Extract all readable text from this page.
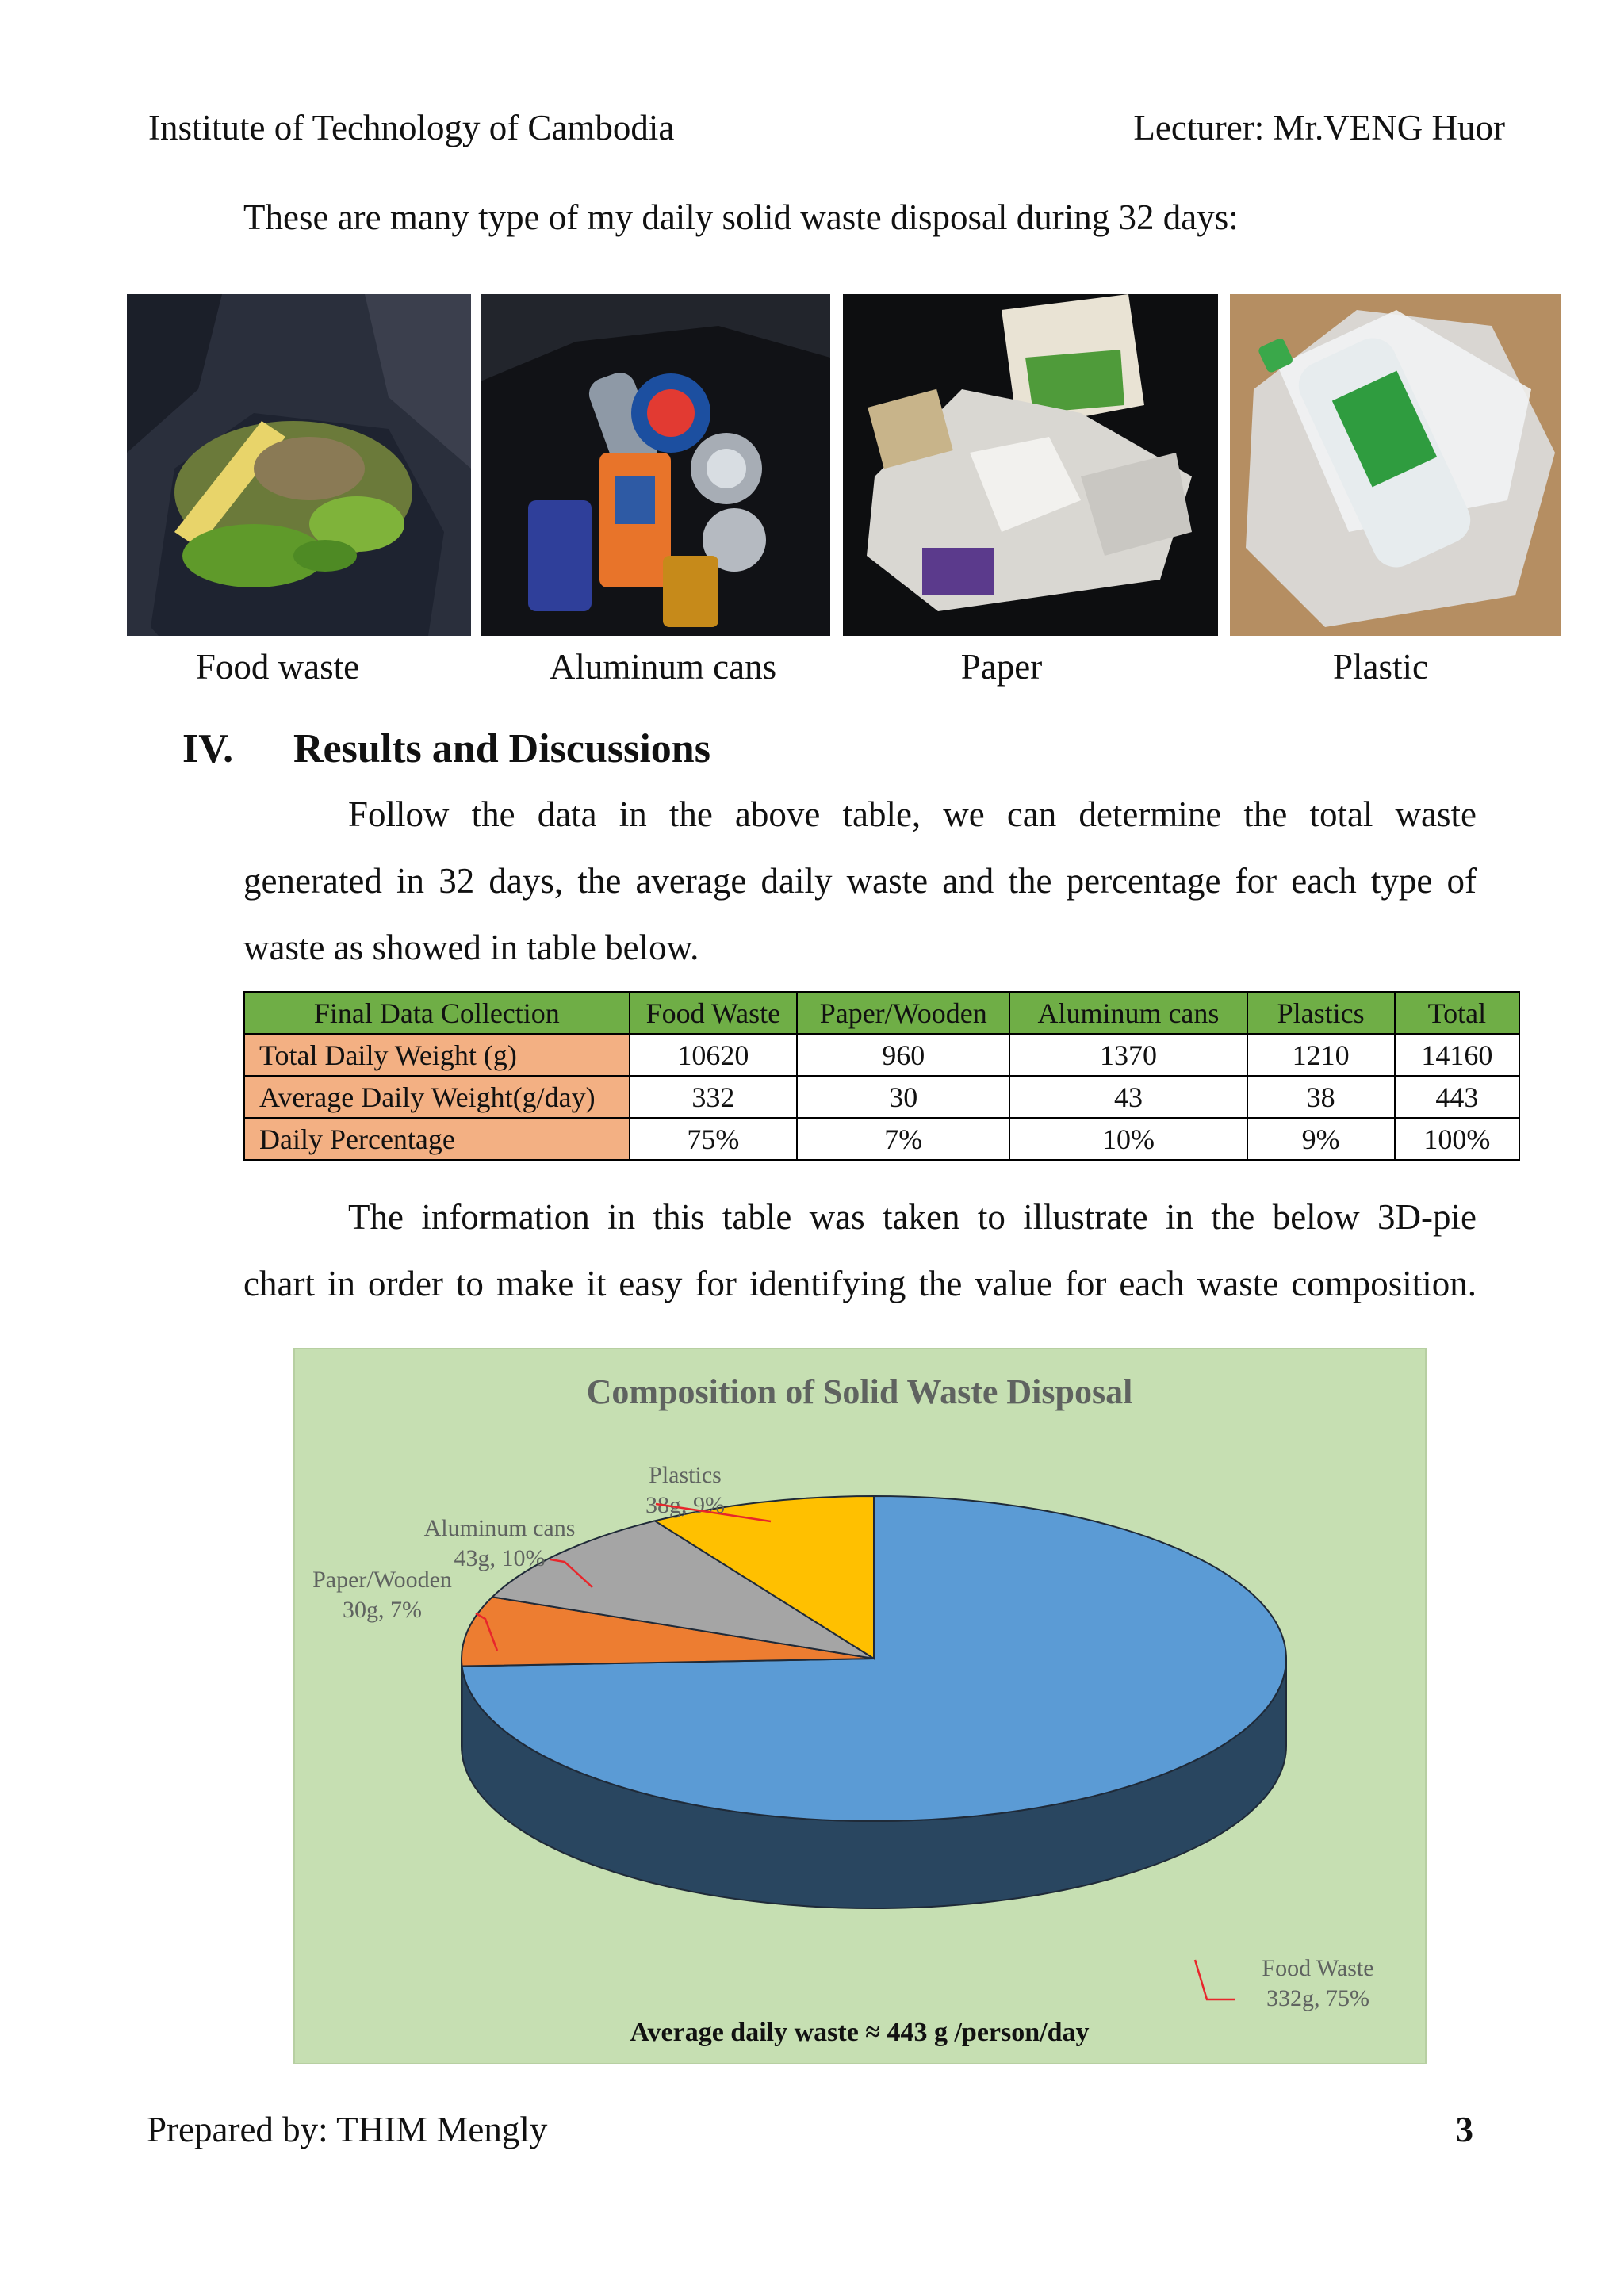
Institute of Technology of Cambodia	Lecturer: Mr.VENG Huor
These are many type of my daily solid waste disposal during 32 days:
Food waste	Aluminum cans	Paper	Plastic
IV. Results and Discussions
Follow the data in the above table, we can determine the total waste
generated in 32 days, the average daily waste and the percentage for each type of
waste as showed in table below.
Final Data Collection	Food Waste	Paper/Wooden	Aluminum cans	Plastics	Total
Total Daily Weight (g)	10620	960	1370	1210	14160
Average Daily Weight(g/day)	332	30	43	38	443
Daily Percentage	75%	7%	10%	9%	100%
The information in this table was taken to illustrate in the below 3D-pie
chart in order to make it easy for identifying the value for each waste composition.
Composition of Solid Waste Disposal
Food Waste
332g, 75%
Paper/Wooden
30g, 7%
Aluminum cans
43g, 10%
Plastics
38g, 9%
Average daily waste ≈ 443 g /person/day
Prepared by: THIM Mengly	3
